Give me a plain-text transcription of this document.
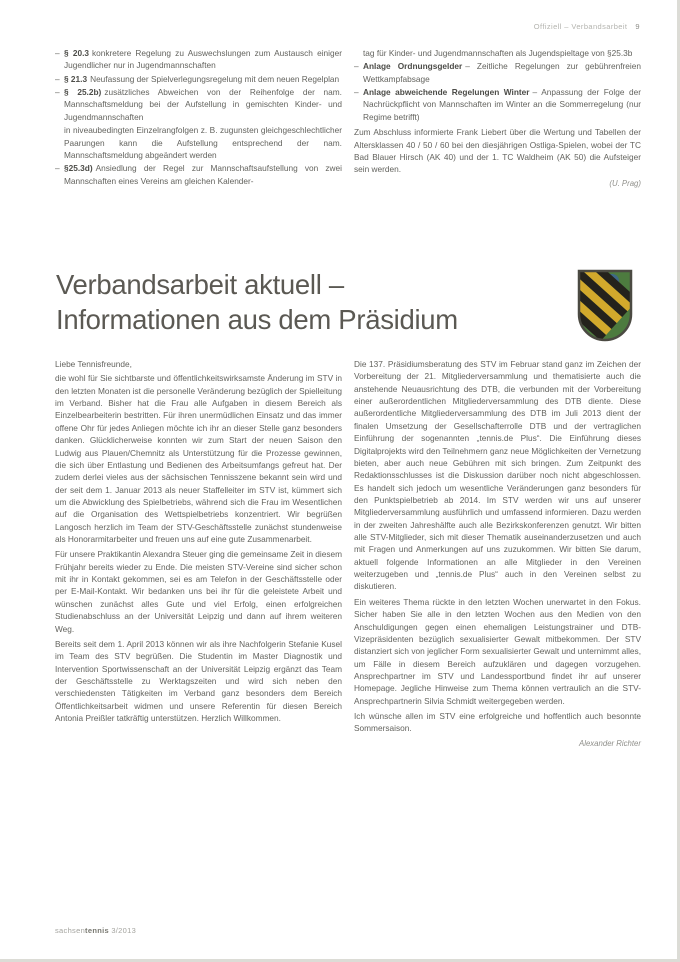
Offiziell – Verbandsarbeit 9
– § 20.3 konkretere Regelung zu Auswechslungen zum Austausch einiger Jugendlicher nur in Jugendmannschaften
– § 21.3 Neufassung der Spielverlegungsregelung mit dem neuen Regelplan
– § 25.2b) zusätzliches Abweichen von der Reihenfolge der nam. Mannschaftsmeldung bei der Aufstellung in gemischten Kinder- und Jugendmannschaften
in niveaubedingten Einzelrangfolgen z. B. zugunsten gleichgeschlechtlicher Paarungen kann die Aufstellung entsprechend der nam. Mannschaftsmeldung abgeändert werden
– §25.3d) Ansiedlung der Regel zur Mannschaftsaufstellung von zwei Mannschaften eines Vereins am gleichen Kalender-
tag für Kinder- und Jugendmannschaften als Jugendspieltage von §25.3b
– Anlage Ordnungsgelder – Zeitliche Regelungen zur gebührenfreien Wettkampfabsage
– Anlage abweichende Regelungen Winter – Anpassung der Folge der Nachrückpflicht von Mannschaften im Winter an die Sommerregelung (nur Regime betrifft)
Zum Abschluss informierte Frank Liebert über die Wertung und Tabellen der Altersklassen 40 / 50 / 60 bei den diesjährigen Ostliga-Spielen, wobei der TC Bad Blauer Hirsch (AK 40) und der 1. TC Waldheim (AK 50) die Aufsteiger sein werden.
(U. Prag)
Verbandsarbeit aktuell –
Informationen aus dem Präsidium
Liebe Tennisfreunde,
die wohl für Sie sichtbarste und öffentlichkeitswirksamste Änderung im STV in den letzten Monaten ist die personelle Veränderung bezüglich der Spielleitung im Verband. Bisher hat die Frau alle Aufgaben in diesem Bereich als Einzelbearbeiterin bestritten. Für ihren unermüdlichen Einsatz und das immer offene Ohr für jedes Anliegen möchte ich ihr an dieser Stelle ganz besonders danken. Glücklicherweise konnten wir zum Start der neuen Saison den Ludwig aus Plauen/Chemnitz als Unterstützung für die Prozesse gewinnen, die sich über Entlastung und Bedienen des Arbeitsumfangs gefreut hat. Der zudem derlei vieles aus der sächsischen Tennisszene bekannt sein wird und der seit dem 1. Januar 2013 als neuer Staffelleiter im STV ist, kümmert sich um die Abwicklung des Spielbetriebs, während sich die Frau im Wesentlichen auf die Organisation des Wettspielbetriebs konzentriert. Wir begrüßen Langosch herzlich im Team der STV-Geschäftsstelle zunächst stundenweise als Honorarmitarbeiter und freuen uns auf eine gute Zusammenarbeit.
Für unsere Praktikantin Alexandra Steuer ging die gemeinsame Zeit in diesem Frühjahr bereits wieder zu Ende. Die meisten STV-Vereine sind sicher schon mit ihr in Kontakt gekommen, sei es am Telefon in der Geschäftsstelle oder per E-Mail-Kontakt. Wir bedanken uns bei ihr für die geleistete Arbeit und wünschen zunächst alles Gute und viel Erfolg, einen erfolgreichen Studienabschluss an der Universität Leipzig und dann auf ihrem weiteren Weg.
Bereits seit dem 1. April 2013 können wir als ihre Nachfolgerin Stefanie Kusel im Team des STV begrüßen. Die Studentin im Master Diagnostik und Intervention Sportwissenschaft an der Universität Leipzig ergänzt das Team der Geschäftsstelle zu Werktagszeiten und wird sich neben den verschiedensten Tätigkeiten im Verband ganz besonders dem Bereich Öffentlichkeitsarbeit widmen und unsere Referentin für diesen Bereich Antonia Preißler tatkräftig unterstützen. Herzlich Willkommen.
Die 137. Präsidiumsberatung des STV im Februar stand ganz im Zeichen der Vorbereitung der 21. Mitgliederversammlung und thematisierte auch die anstehende Neuausrichtung des DTB, die verbunden mit der Vorbereitung einer außerordentlichen Mitgliederversammlung des DTB diente. Diese außerordentliche Mitgliederversammlung des DTB im Juli 2013 dient der finalen Umsetzung der Gesellschafterrolle DTB und der vertraglichen Einführung der sogenannten „tennis.de Plus“. Die Einführung dieses Digitalprojekts wird den Teilnehmern ganz neue Möglichkeiten der Vernetzung bieten, aber auch neue Gebühren mit sich bringen. Zum Zeitpunkt des Redaktionsschlusses ist die Diskussion darüber noch nicht abgeschlossen. Es handelt sich jedoch um wesentliche Veränderungen ganz besonders für den Punktspielbetrieb ab 2014. Im STV werden wir uns auf unserer Mitgliederversammlung ausführlich und umfassend informieren. Dazu werden in der zweiten Jahreshälfte auch alle Bezirkskonferenzen genutzt. Wir bitten alle STV-Mitglieder, sich mit dieser Thematik auseinanderzusetzen und auch mit Fragen und Anmerkungen auf uns zuzukommen. Wir bitten Sie darum, aktuell folgende Informationen an alle Mitglieder in den Vereinen weiterzugeben und „tennis.de Plus“ auch in den Vereinen selbst zu diskutieren.
Ein weiteres Thema rückte in den letzten Wochen unerwartet in den Fokus. Sicher haben Sie alle in den letzten Wochen aus den Medien von den Anschuldigungen gegen einen ehemaligen Leistungstrainer und DTB-Vizepräsidenten bezüglich sexualisierter Gewalt mitbekommen. Der STV distanziert sich von jeglicher Form sexualisierter Gewalt und unternimmt alles, um Fälle in diesem Bereich aufzuklären und dagegen vorzugehen. Ansprechpartner im STV und Landessportbund findet ihr auf unserer Homepage. Jegliche Hinweise zum Thema können vertraulich an die STV-Ansprechpartnerin Silvia Schmidt weitergegeben werden.
Ich wünsche allen im STV eine erfolgreiche und hoffentlich auch besonnte Sommersaison.
Alexander Richter
sachsentennis 3/2013
